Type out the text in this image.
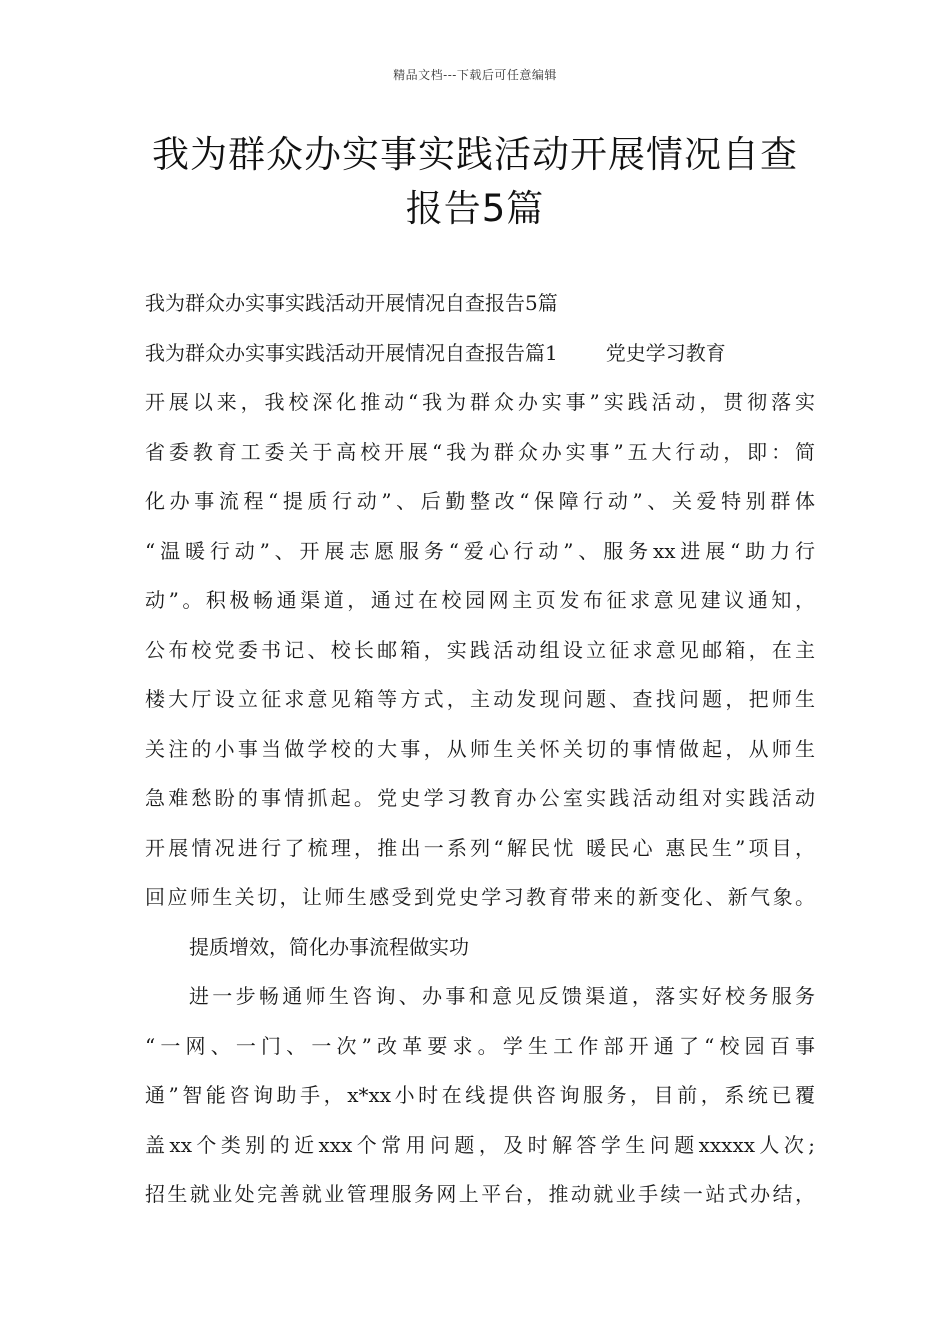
精品文档---下载后可任意编辑
我为群众办实事实践活动开展情况自查
报告5篇
我为群众办实事实践活动开展情况自查报告5篇
我为群众办实事实践活动开展情况自查报告篇1 党史学习教育
开展以来，我校深化推动“我为群众办实事”实践活动，贯彻落实
省委教育工委关于高校开展“我为群众办实事”五大行动，即：简
化办事流程“提质行动”、后勤整改“保障行动”、关爱特别群体
“温暖行动”、开展志愿服务“爱心行动”、服务xx进展“助力行
动”。积极畅通渠道，通过在校园网主页发布征求意见建议通知，
公布校党委书记、校长邮箱，实践活动组设立征求意见邮箱，在主
楼大厅设立征求意见箱等方式，主动发现问题、查找问题，把师生
关注的小事当做学校的大事，从师生关怀关切的事情做起，从师生
急难愁盼的事情抓起。党史学习教育办公室实践活动组对实践活动
开展情况进行了梳理，推出一系列“解民忧 暖民心 惠民生”项目，
回应师生关切，让师生感受到党史学习教育带来的新变化、新气象。
提质增效，简化办事流程做实功
进一步畅通师生咨询、办事和意见反馈渠道，落实好校务服务
“一网、一门、一次”改革要求。学生工作部开通了“校园百事
通”智能咨询助手，x*xx小时在线提供咨询服务，目前，系统已覆
盖xx个类别的近xxx个常用问题，及时解答学生问题xxxxx人次;
招生就业处完善就业管理服务网上平台，推动就业手续一站式办结，
